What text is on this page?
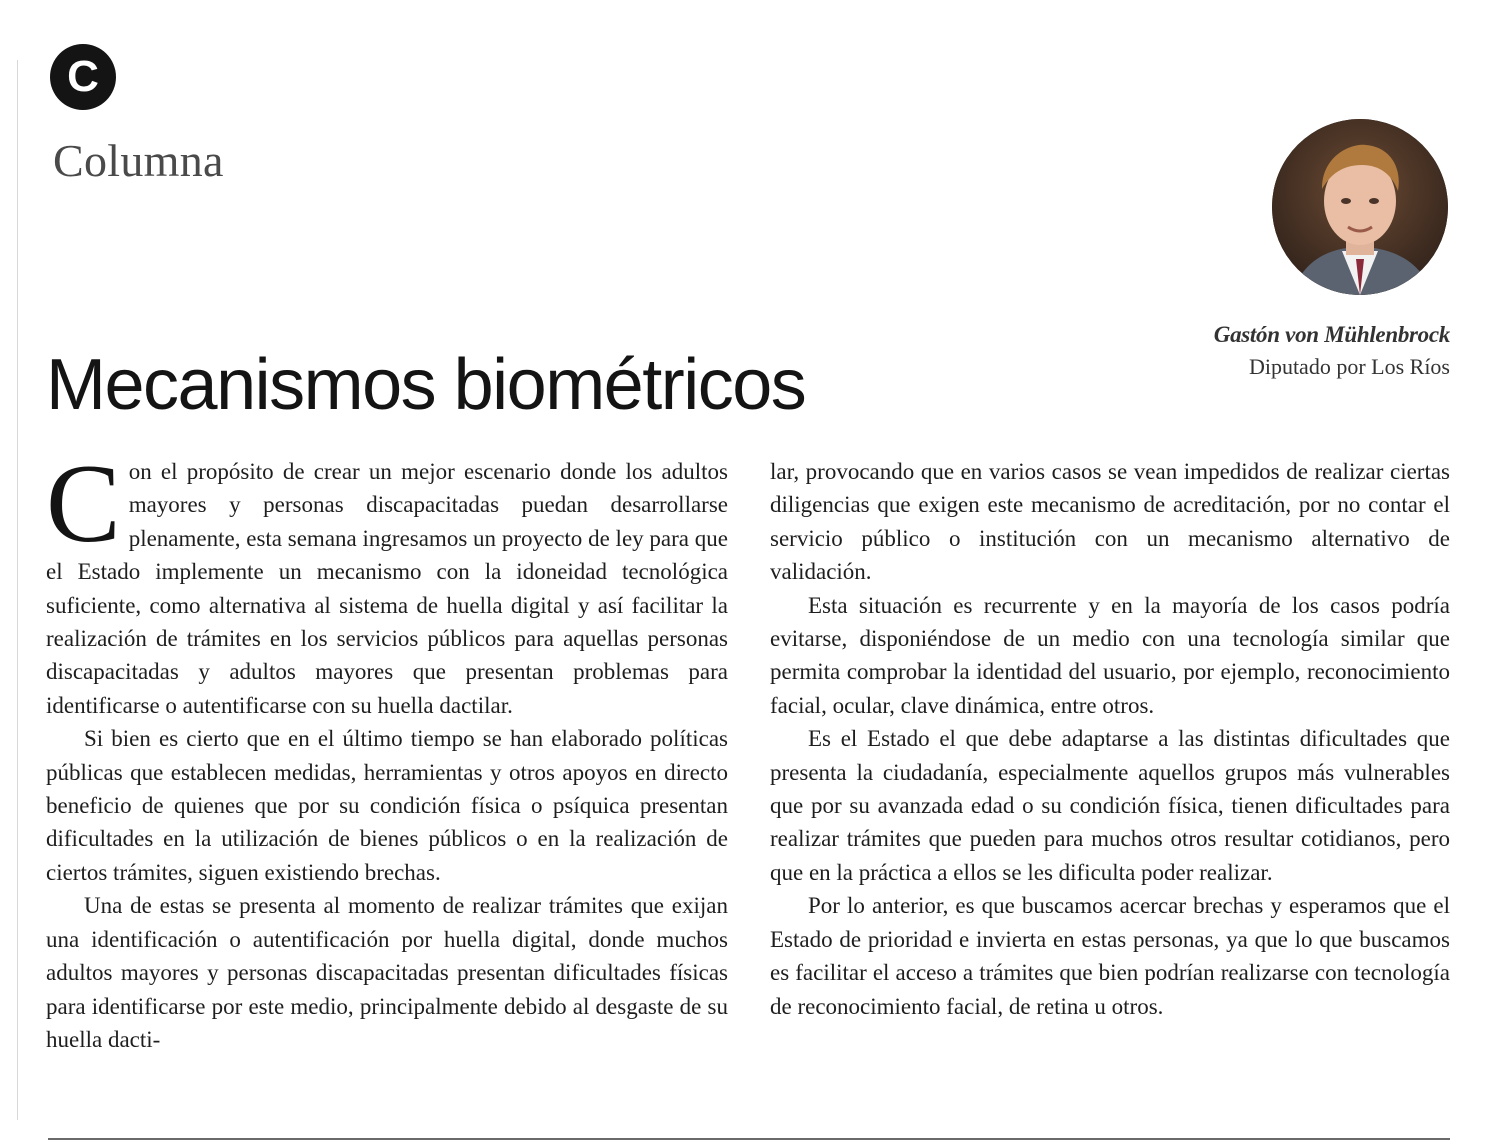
C
Columna
Gastón von Mühlenbrock
Diputado por Los Ríos
Mecanismos biométricos

Con el propósito de crear un mejor escenario donde los adultos mayores y personas discapacitadas puedan desarrollarse plenamente, esta semana ingresamos un proyecto de ley para que el Estado implemente un mecanismo con la idoneidad tecnológica suficiente, como alternativa al sistema de huella digital y así facilitar la realización de trámites en los servicios públicos para aquellas personas discapacitadas y adultos mayores que presentan problemas para identificarse o autentificarse con su huella dactilar.

Si bien es cierto que en el último tiempo se han elaborado políticas públicas que establecen medidas, herramientas y otros apoyos en directo beneficio de quienes que por su condición física o psíquica presentan dificultades en la utilización de bienes públicos o en la realización de ciertos trámites, siguen existiendo brechas.

Una de estas se presenta al momento de realizar trámites que exijan una identificación o autentificación por huella digital, donde muchos adultos mayores y personas discapacitadas presentan dificultades físicas para identificarse por este medio, principalmente debido al desgaste de su huella dacti-

lar, provocando que en varios casos se vean impedidos de realizar ciertas diligencias que exigen este mecanismo de acreditación, por no contar el servicio público o institución con un mecanismo alternativo de validación.

Esta situación es recurrente y en la mayoría de los casos podría evitarse, disponiéndose de un medio con una tecnología similar que permita comprobar la identidad del usuario, por ejemplo, reconocimiento facial, ocular, clave dinámica, entre otros.

Es el Estado el que debe adaptarse a las distintas dificultades que presenta la ciudadanía, especialmente aquellos grupos más vulnerables que por su avanzada edad o su condición física, tienen dificultades para realizar trámites que pueden para muchos otros resultar cotidianos, pero que en la práctica a ellos se les dificulta poder realizar.

Por lo anterior, es que buscamos acercar brechas y esperamos que el Estado de prioridad e invierta en estas personas, ya que lo que buscamos es facilitar el acceso a trámites que bien podrían realizarse con tecnología de reconocimiento facial, de retina u otros.
